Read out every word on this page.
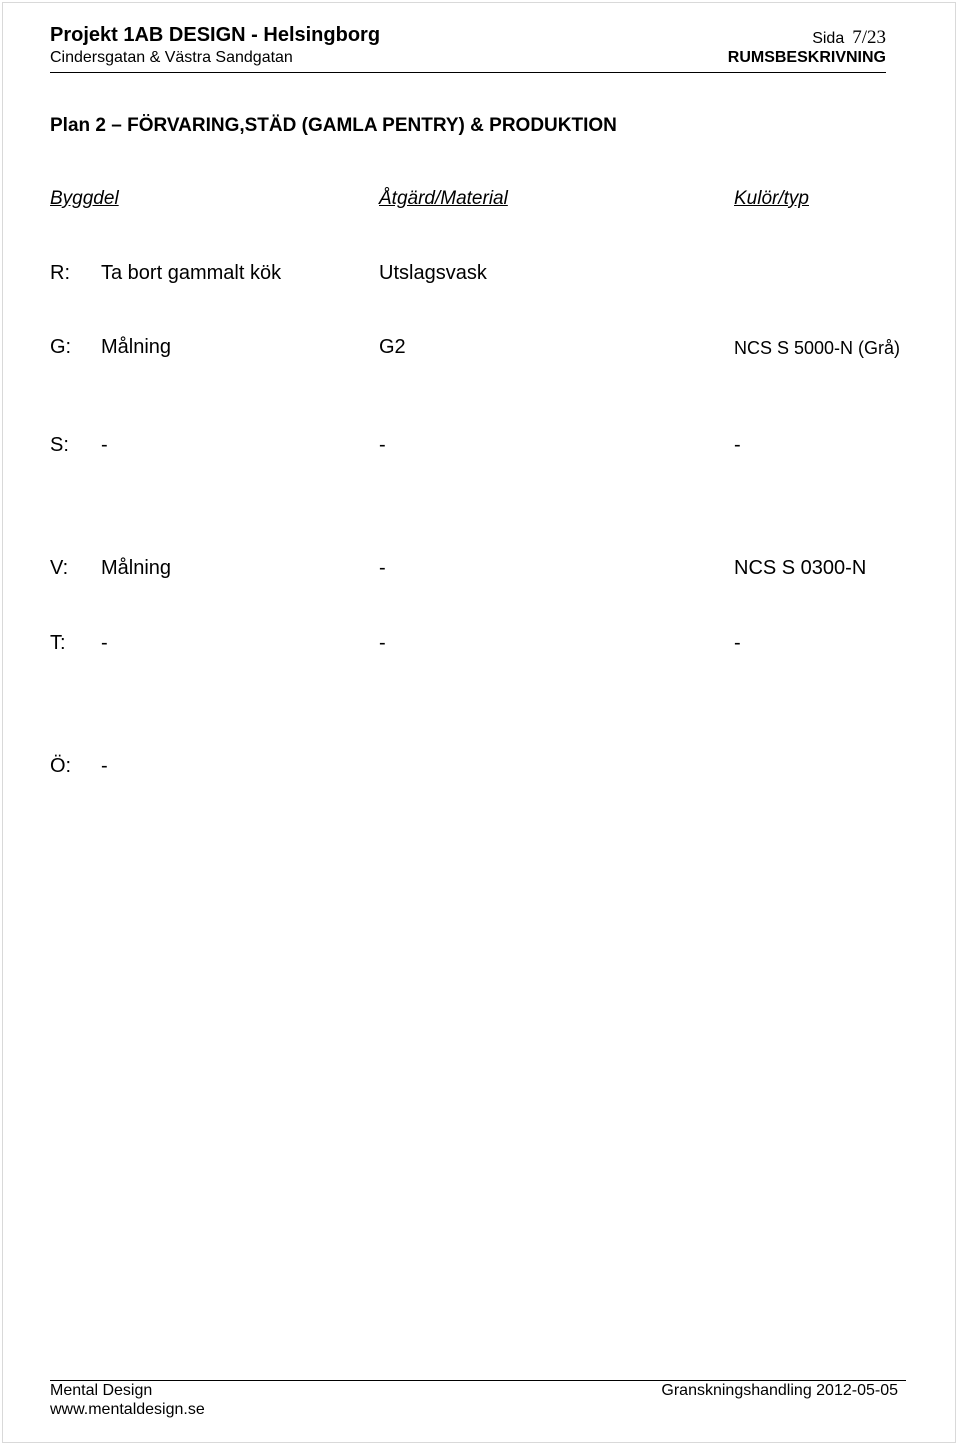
Projekt 1AB DESIGN - Helsingborg
Cindersgatan & Västra Sandgatan
Sida 7/23
RUMSBESKRIVNING
Plan 2 – FÖRVARING,STÄD (GAMLA PENTRY) & PRODUKTION
Byggdel	Åtgärd/Material	Kulör/typ
R: Ta bort gammalt kök	Utslagsvask
G: Målning	G2	NCS S 5000-N (Grå)
S: -	-	-
V: Målning	-	NCS S 0300-N
T: -	-	-
Ö: -
Mental Design
www.mentaldesign.se
Granskningshandling 2012-05-05
